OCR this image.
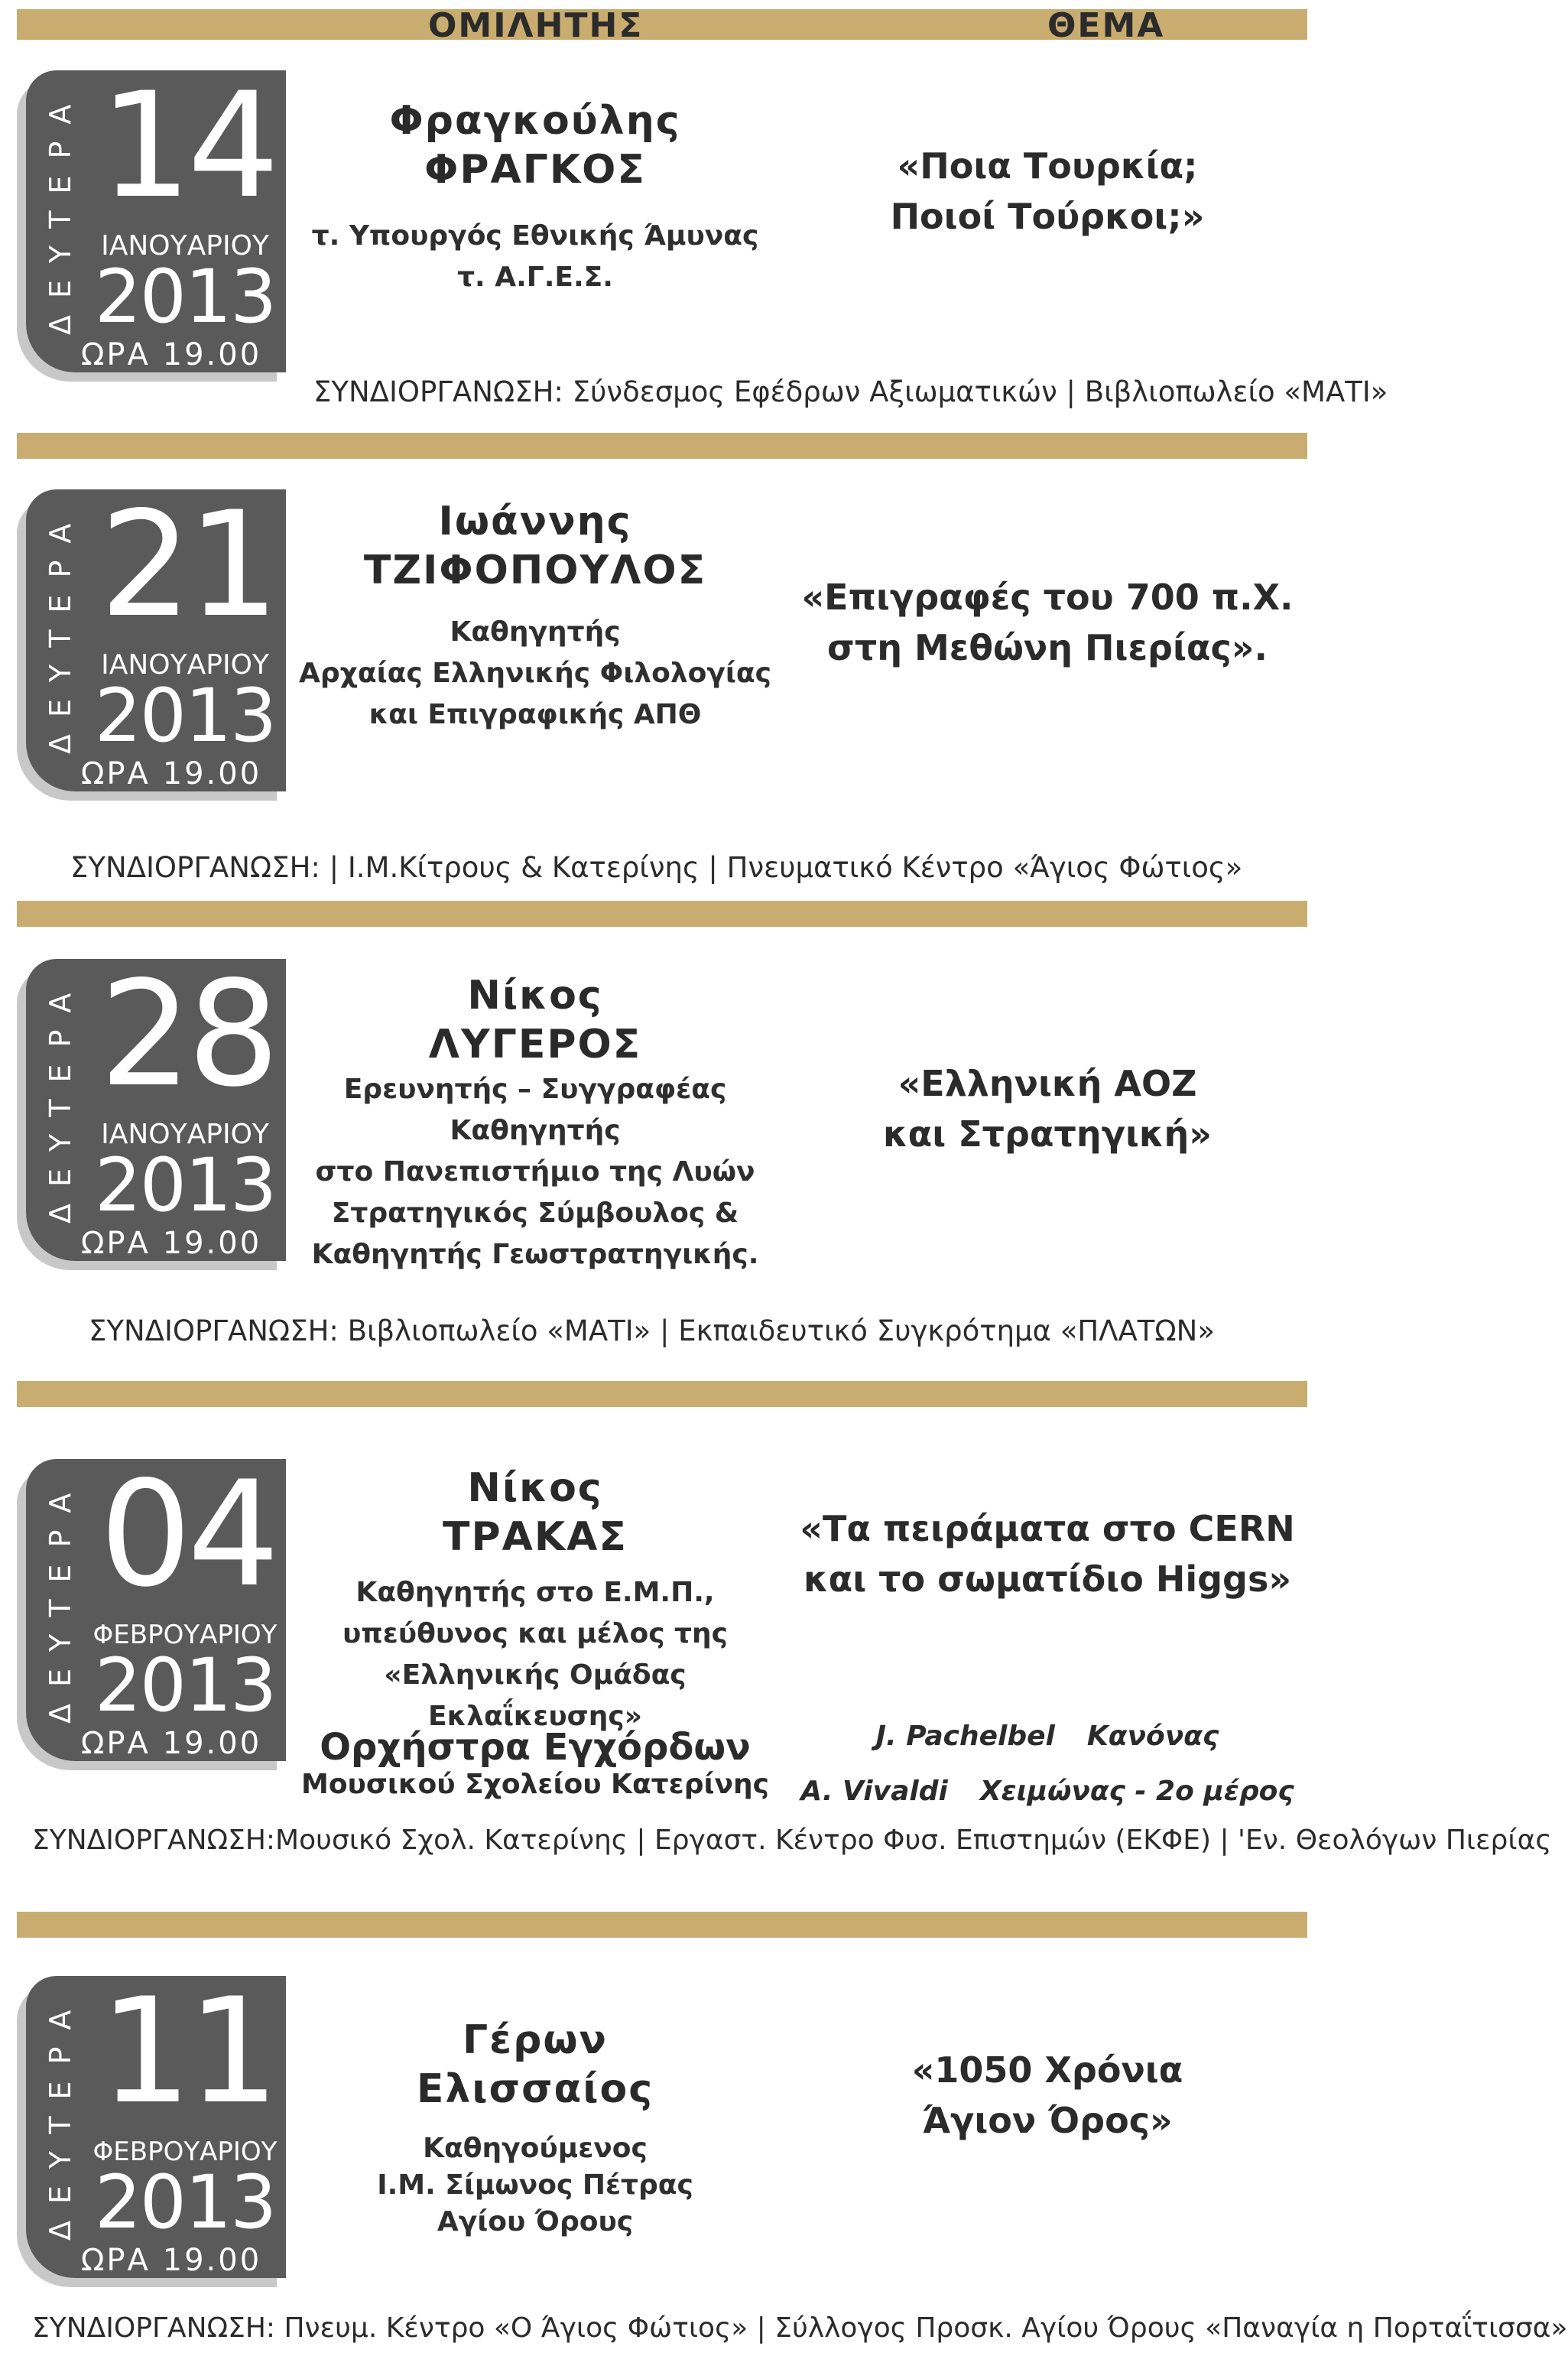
ΟΜΙΛΗΤΗΣ	ΘΕΜΑ
ΔΕΥΤΕΡΑ 14
ΙΑΝΟΥΑΡΙΟΥ
2013
ΩΡΑ 19.00
Φραγκούλης
ΦΡΑΓΚΟΣ
τ. Υπουργός Εθνικής Άμυνας
τ. Α.Γ.Ε.Σ.
«Ποια Τουρκία;
Ποιοί Τούρκοι;»
ΣΥΝΔΙΟΡΓΑΝΩΣΗ: Σύνδεσμος Εφέδρων Αξιωματικών | Βιβλιοπωλείο «ΜΑΤΙ»
ΔΕΥΤΕΡΑ 21
ΙΑΝΟΥΑΡΙΟΥ
2013
ΩΡΑ 19.00
Ιωάννης
ΤΖΙΦΟΠΟΥΛΟΣ
Καθηγητής
Αρχαίας Ελληνικής Φιλολογίας
και Επιγραφικής ΑΠΘ
«Επιγραφές του 700 π.Χ.
στη Μεθώνη Πιερίας».
ΣΥΝΔΙΟΡΓΑΝΩΣΗ: | Ι.Μ.Κίτρους & Κατερίνης | Πνευματικό Κέντρο «Άγιος Φώτιος»
ΔΕΥΤΕΡΑ 28
ΙΑΝΟΥΑΡΙΟΥ
2013
ΩΡΑ 19.00
Νίκος
ΛΥΓΕΡΟΣ
Ερευνητής – Συγγραφέας
Καθηγητής
στο Πανεπιστήμιο της Λυών
Στρατηγικός Σύμβουλος &
Καθηγητής Γεωστρατηγικής.
«Ελληνική ΑΟΖ
και Στρατηγική»
ΣΥΝΔΙΟΡΓΑΝΩΣΗ: Βιβλιοπωλείο «ΜΑΤΙ» | Εκπαιδευτικό Συγκρότημα «ΠΛΑΤΩΝ»
ΔΕΥΤΕΡΑ 04
ΦΕΒΡΟΥΑΡΙΟΥ
2013
ΩΡΑ 19.00
Νίκος
ΤΡΑΚΑΣ
Καθηγητής στο Ε.Μ.Π.,
υπεύθυνος και μέλος της
«Ελληνικής Ομάδας Εκλαΐκευσης»
Ορχήστρα Εγχόρδων
Μουσικού Σχολείου Κατερίνης
«Τα πειράματα στο CERN
και το σωματίδιο Higgs»
J. Pachelbel Κανόνας
A. Vivaldi Χειμώνας - 2ο μέρος
ΣΥΝΔΙΟΡΓΑΝΩΣΗ:Μουσικό Σχολ. Κατερίνης | Εργαστ. Κέντρο Φυσ. Επιστημών (ΕΚΦΕ) | 'Εν. Θεολόγων Πιερίας
ΔΕΥΤΕΡΑ 11
ΦΕΒΡΟΥΑΡΙΟΥ
2013
ΩΡΑ 19.00
Γέρων
Ελισσαίος
Καθηγούμενος
Ι.Μ. Σίμωνος Πέτρας
Αγίου Όρους
«1050 Χρόνια
Άγιον Όρος»
ΣΥΝΔΙΟΡΓΑΝΩΣΗ: Πνευμ. Κέντρο «Ο Άγιος Φώτιος» | Σύλλογος Προσκ. Αγίου Όρους «Παναγία η Πορταΐτισσα»
